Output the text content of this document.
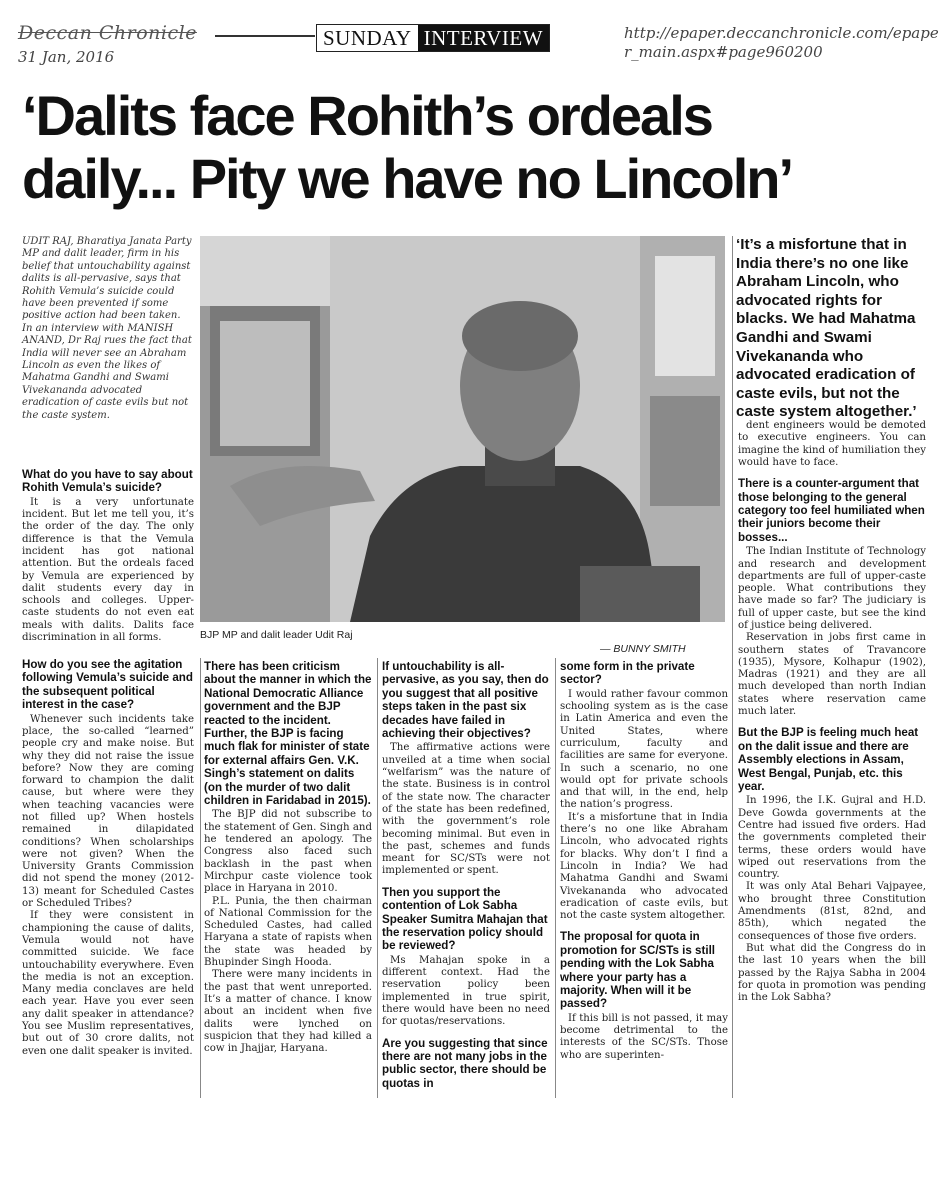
Deccan Chronicle
31 Jan, 2016
SUNDAY INTERVIEW	http://epaper.deccanchronicle.com/epaper_main.aspx#page960200
‘Dalits face Rohith’s ordeals
daily... Pity we have no Lincoln’
UDIT RAJ, Bharatiya Janata Party MP and dalit leader, firm in his belief that untouchability against dalits is all-pervasive, says that Rohith Vemula’s suicide could have been prevented if some positive action had been taken. In an interview with MANISH ANAND, Dr Raj rues the fact that India will never see an Abraham Lincoln as even the likes of Mahatma Gandhi and Swami Vivekananda advocated eradication of caste evils but not the caste system.
BJP MP and dalit leader Udit Raj
— BUNNY SMITH
‘It’s a misfortune that in India there’s no one like Abraham Lincoln, who advocated rights for blacks. We had Mahatma Gandhi and Swami Vivekananda who advocated eradication of caste evils, but not the caste system altogether.’
What do you have to say about Rohith Vemula’s suicide?

It is a very unfortunate incident. But let me tell you, it’s the order of the day. The only difference is that the Vemula incident has got national attention. But the ordeals faced by Vemula are experienced by dalit students every day in schools and colleges. Upper-caste students do not even eat meals with dalits. Dalits face discrimination in all forms.

How do you see the agitation following Vemula’s suicide and the subsequent political interest in the case?

Whenever such incidents take place, the so-called “learned” people cry and make noise. But why they did not raise the issue before? Now they are coming forward to champion the dalit cause, but where were they when teaching vacancies were not filled up? When hostels remained in dilapidated conditions? When scholarships were not given? When the University Grants Commission did not spend the money (2012-13) meant for Scheduled Castes or Scheduled Tribes?

If they were consistent in championing the cause of dalits, Vemula would not have committed suicide. We face untouchability everywhere. Even the media is not an exception. Many media conclaves are held each year. Have you ever seen any dalit speaker in attendance? You see Muslim representatives, but out of 30 crore dalits, not even one dalit speaker is invited.

There has been criticism about the manner in which the National Democratic Alliance government and the BJP reacted to the incident. Further, the BJP is facing much flak for minister of state for external affairs Gen. V.K. Singh’s statement on dalits (on the murder of two dalit children in Faridabad in 2015).

The BJP did not subscribe to the statement of Gen. Singh and he tendered an apology. The Congress also faced such backlash in the past when Mirchpur caste violence took place in Haryana in 2010.

P.L. Punia, the then chairman of National Commission for the Scheduled Castes, had called Haryana a state of rapists when the state was headed by Bhupinder Singh Hooda.

There were many incidents in the past that went unreported. It’s a matter of chance. I know about an incident when five dalits were lynched on suspicion that they had killed a cow in Jhajjar, Haryana.

If untouchability is all-pervasive, as you say, then do you suggest that all positive steps taken in the past six decades have failed in achieving their objectives?

The affirmative actions were unveiled at a time when social “welfarism” was the nature of the state. Business is in control of the state now. The character of the state has been redefined, with the government’s role becoming minimal. But even in the past, schemes and funds meant for SC/STs were not implemented or spent.

Then you support the contention of Lok Sabha Speaker Sumitra Mahajan that the reservation policy should be reviewed?

Ms Mahajan spoke in a different context. Had the reservation policy been implemented in true spirit, there would have been no need for quotas/reservations.

Are you suggesting that since there are not many jobs in the public sector, there should be quotas in
some form in the private sector?

I would rather favour common schooling system as is the case in Latin America and even the United States, where curriculum, faculty and facilities are same for everyone. In such a scenario, no one would opt for private schools and that will, in the end, help the nation’s progress.

It’s a misfortune that in India there’s no one like Abraham Lincoln, who advocated rights for blacks. Why don’t I find a Lincoln in India? We had Mahatma Gandhi and Swami Vivekananda who advocated eradication of caste evils, but not the caste system altogether.

The proposal for quota in promotion for SC/STs is still pending with the Lok Sabha where your party has a majority. When will it be passed?

If this bill is not passed, it may become detrimental to the interests of the SC/STs. Those who are superinten-

dent engineers would be demoted to executive engineers. You can imagine the kind of humiliation they would have to face.

There is a counter-argument that those belonging to the general category too feel humiliated when their juniors become their bosses...

The Indian Institute of Technology and research and development departments are full of upper-caste people. What contributions they have made so far? The judiciary is full of upper caste, but see the kind of justice being delivered.

Reservation in jobs first came in southern states of Travancore (1935), Mysore, Kolhapur (1902), Madras (1921) and they are all much developed than north Indian states where reservation came much later.

But the BJP is feeling much heat on the dalit issue and there are Assembly elections in Assam, West Bengal, Punjab, etc. this year.

In 1996, the I.K. Gujral and H.D. Deve Gowda governments at the Centre had issued five orders. Had the governments completed their terms, these orders would have wiped out reservations from the country.

It was only Atal Behari Vajpayee, who brought three Constitution Amendments (81st, 82nd, and 85th), which negated the consequences of those five orders.

But what did the Congress do in the last 10 years when the bill passed by the Rajya Sabha in 2004 for quota in promotion was pending in the Lok Sabha?
